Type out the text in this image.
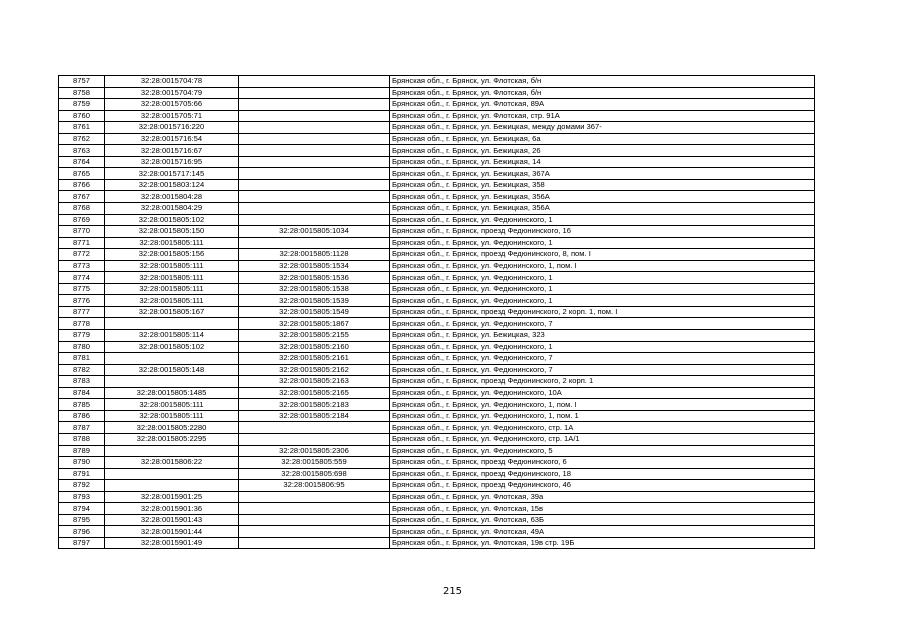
8757	32:28:0015704:78		Брянская обл., г. Брянск, ул. Флотская, б/н
8758	32:28:0015704:79		Брянская обл., г. Брянск, ул. Флотская, б/н
8759	32:28:0015705:66		Брянская обл., г. Брянск, ул. Флотская, 89А
8760	32:28:0015705:71		Брянская обл., г. Брянск, ул. Флотская, стр. 91А
8761	32:28:0015716:220		Брянская обл., г. Брянск, ул. Бежицкая, между домами 367-
8762	32:28:0015716:54		Брянская обл., г. Брянск, ул. Бежицкая, 6а
8763	32:28:0015716:67		Брянская обл., г. Брянск, ул. Бежицкая, 26
8764	32:28:0015716:95		Брянская обл., г. Брянск, ул. Бежицкая, 14
8765	32:28:0015717:145		Брянская обл., г. Брянск, ул. Бежицкая, 367А
8766	32:28:0015803:124		Брянская обл., г. Брянск, ул. Бежицкая, 358
8767	32:28:0015804:28		Брянская обл., г. Брянск, ул. Бежицкая, 356А
8768	32:28:0015804:29		Брянская обл., г. Брянск, ул. Бежицкая, 356А
8769	32:28:0015805:102		Брянская обл., г. Брянск, ул. Федюнинского, 1
8770	32:28:0015805:150	32:28:0015805:1034	Брянская обл., г. Брянск, проезд Федюнинского, 16
8771	32:28:0015805:111		Брянская обл., г. Брянск, ул. Федюнинского, 1
8772	32:28:0015805:156	32:28:0015805:1128	Брянская обл., г. Брянск, проезд Федюнинского, 8, пом. I
8773	32:28:0015805:111	32:28:0015805:1534	Брянская обл., г. Брянск, ул. Федюнинского, 1, пом. I
8774	32:28:0015805:111	32:28:0015805:1536	Брянская обл., г. Брянск, ул. Федюнинского, 1
8775	32:28:0015805:111	32:28:0015805:1538	Брянская обл., г. Брянск, ул. Федюнинского, 1
8776	32:28:0015805:111	32:28:0015805:1539	Брянская обл., г. Брянск, ул. Федюнинского, 1
8777	32:28:0015805:167	32:28:0015805:1549	Брянская обл., г. Брянск, проезд Федюнинского, 2 корп. 1, пом. I
8778		32:28:0015805:1867	Брянская обл., г. Брянск, ул. Федюнинского, 7
8779	32:28:0015805:114	32:28:0015805:2155	Брянская обл., г. Брянск, ул. Бежицкая, 323
8780	32:28:0015805:102	32:28:0015805:2160	Брянская обл., г. Брянск, ул. Федюнинского, 1
8781		32:28:0015805:2161	Брянская обл., г. Брянск, ул. Федюнинского, 7
8782	32:28:0015805:148	32:28:0015805:2162	Брянская обл., г. Брянск, ул. Федюнинского, 7
8783		32:28:0015805:2163	Брянская обл., г. Брянск, проезд Федюнинского, 2 корп. 1
8784	32:28:0015805:1485	32:28:0015805:2165	Брянская обл., г. Брянск, ул. Федюнинского, 10А
8785	32:28:0015805:111	32:28:0015805:2183	Брянская обл., г. Брянск, ул. Федюнинского, 1, пом. I
8786	32:28:0015805:111	32:28:0015805:2184	Брянская обл., г. Брянск, ул. Федюнинского, 1, пом. 1
8787	32:28:0015805:2280		Брянская обл., г. Брянск, ул. Федюнинского, стр. 1А
8788	32:28:0015805:2295		Брянская обл., г. Брянск, ул. Федюнинского, стр. 1А/1
8789		32:28:0015805:2306	Брянская обл., г. Брянск, ул. Федюнинского, 5
8790	32:28:0015806:22	32:28:0015805:559	Брянская обл., г. Брянск, проезд Федюнинского, 6
8791		32:28:0015805:698	Брянская обл., г. Брянск, проезд Федюнинского, 18
8792		32:28:0015806:95	Брянская обл., г. Брянск, проезд Федюнинского, 46
8793	32:28:0015901:25		Брянская обл., г. Брянск, ул. Флотская, 39а
8794	32:28:0015901:36		Брянская обл., г. Брянск, ул. Флотская, 15в
8795	32:28:0015901:43		Брянская обл., г. Брянск, ул. Флотская, 63Б
8796	32:28:0015901:44		Брянская обл., г. Брянск, ул. Флотская, 49А
8797	32:28:0015901:49		Брянская обл., г. Брянск, ул. Флотская, 19в стр. 19Б
215
